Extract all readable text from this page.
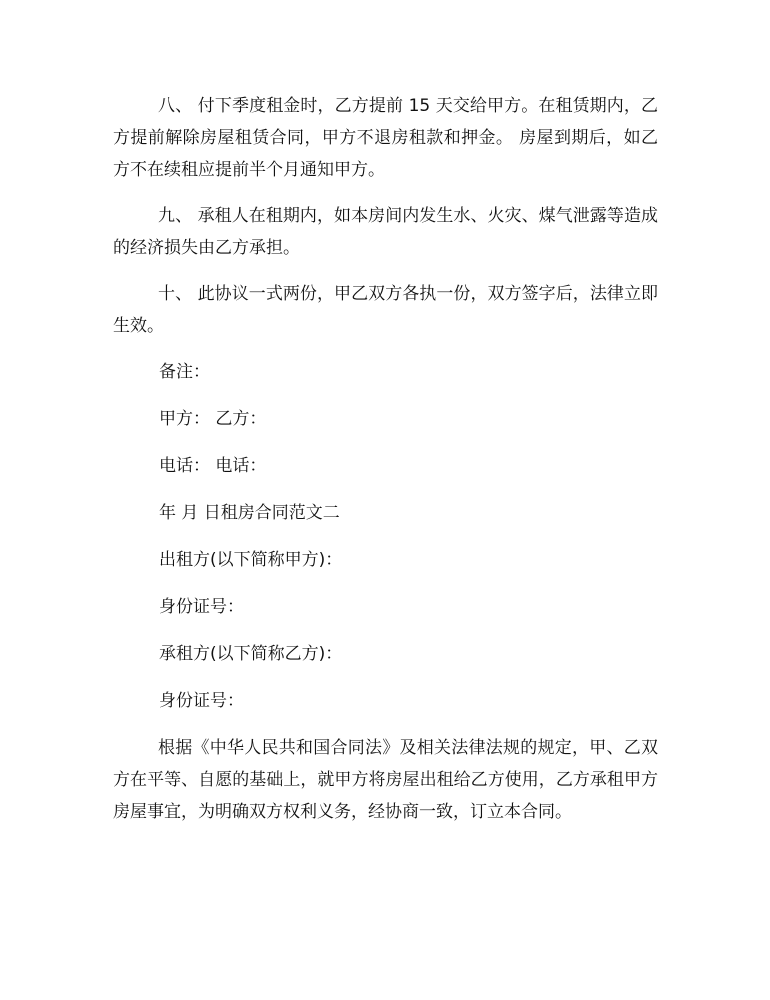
八、 付下季度租金时，乙方提前 15 天交给甲方。在租赁期内，乙方提前解除房屋租赁合同，甲方不退房租款和押金。 房屋到期后，如乙方不在续租应提前半个月通知甲方。

九、 承租人在租期内，如本房间内发生水、火灾、煤气泄露等造成的经济损失由乙方承担。

十、 此协议一式两份，甲乙双方各执一份，双方签字后，法律立即生效。

备注：
甲方： 乙方：
电话： 电话：
年 月 日租房合同范文二
出租方(以下简称甲方)：
身份证号：
承租方(以下简称乙方)：
身份证号：

根据《中华人民共和国合同法》及相关法律法规的规定，甲、乙双方在平等、自愿的基础上，就甲方将房屋出租给乙方使用，乙方承租甲方房屋事宜，为明确双方权利义务，经协商一致，订立本合同。
